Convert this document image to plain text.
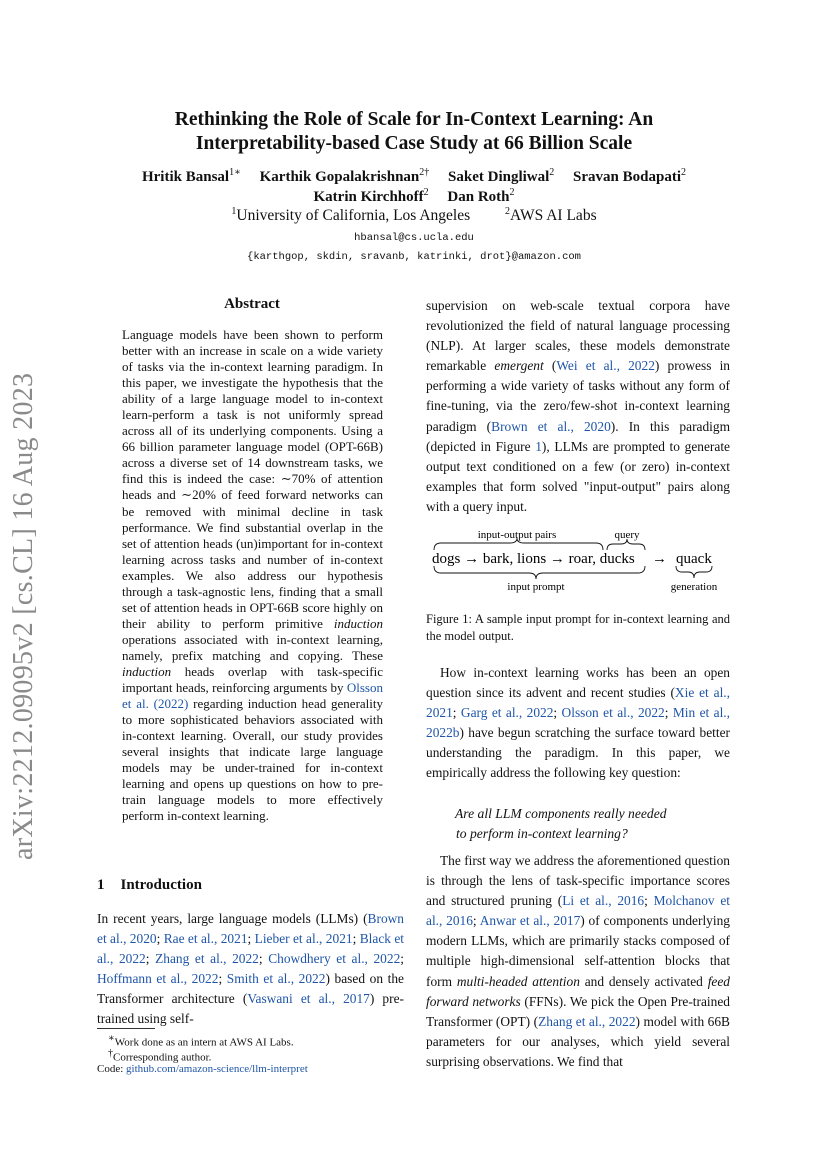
arXiv:2212.09095v2 [cs.CL] 16 Aug 2023
Rethinking the Role of Scale for In-Context Learning: An
Interpretability-based Case Study at 66 Billion Scale
Hritik Bansal$^{1∗}$ Karthik Gopalakrishnan$^{2\dagger}$ Saket Dingliwal$^2$ Sravan Bodapati$^2$
Katrin Kirchhoff$^2$ Dan Roth$^2$
$^1$University of California, Los Angeles	$^2$AWS AI Labs
hbansal@cs.ucla.edu
{karthgop, skdin, sravanb, katrinki, drot}@amazon.com
Abstract
Language models have been shown to perform better with an increase in scale on a wide variety of tasks via the in-context learning paradigm. In this paper, we investigate the hypothesis that the ability of a large language model to in-context learn-perform a task is not uniformly spread across all of its underlying components. Using a 66 billion parameter language model (OPT-66B) across a diverse set of 14 downstream tasks, we find this is indeed the case: ∼70% of attention heads and ∼20% of feed forward networks can be removed with minimal decline in task performance. We find substantial overlap in the set of attention heads (un)important for in-context learning across tasks and number of in-context examples. We also address our hypothesis through a task-agnostic lens, finding that a small set of attention heads in OPT-66B score highly on their ability to perform primitive induction operations associated with in-context learning, namely, prefix matching and copying. These induction heads overlap with task-specific important heads, reinforcing arguments by Olsson et al. (2022) regarding induction head generality to more sophisticated behaviors associated with in-context learning. Overall, our study provides several insights that indicate large language models may be under-trained for in-context learning and opens up questions on how to pre-train language models to more effectively perform in-context learning.
1 Introduction
In recent years, large language models (LLMs) (Brown et al., 2020; Rae et al., 2021; Lieber et al., 2021; Black et al., 2022; Zhang et al., 2022; Chowdhery et al., 2022; Hoffmann et al., 2022; Smith et al., 2022) based on the Transformer architecture (Vaswani et al., 2017) pre-trained using self-
∗Work done as an intern at AWS AI Labs.
†Corresponding author.
Code: github.com/amazon-science/llm-interpret
supervision on web-scale textual corpora have revolutionized the field of natural language processing (NLP). At larger scales, these models demonstrate remarkable emergent (Wei et al., 2022) prowess in performing a wide variety of tasks without any form of fine-tuning, via the zero/few-shot in-context learning paradigm (Brown et al., 2020). In this paradigm (depicted in Figure 1), LLMs are prompted to generate output text conditioned on a few (or zero) in-context examples that form solved "input-output" pairs along with a query input.
input-output pairs	query
dogs → bark, lions → roar, ducks → quack
input prompt	generation
Figure 1: A sample input prompt for in-context learning and the model output.
How in-context learning works has been an open question since its advent and recent studies (Xie et al., 2021; Garg et al., 2022; Olsson et al., 2022; Min et al., 2022b) have begun scratching the surface toward better understanding the paradigm. In this paper, we empirically address the following key question:
Are all LLM components really needed
to perform in-context learning?
The first way we address the aforementioned question is through the lens of task-specific importance scores and structured pruning (Li et al., 2016; Molchanov et al., 2016; Anwar et al., 2017) of components underlying modern LLMs, which are primarily stacks composed of multiple high-dimensional self-attention blocks that form multi-headed attention and densely activated feed forward networks (FFNs). We pick the Open Pre-trained Transformer (OPT) (Zhang et al., 2022) model with 66B parameters for our analyses, which yield several surprising observations. We find that
